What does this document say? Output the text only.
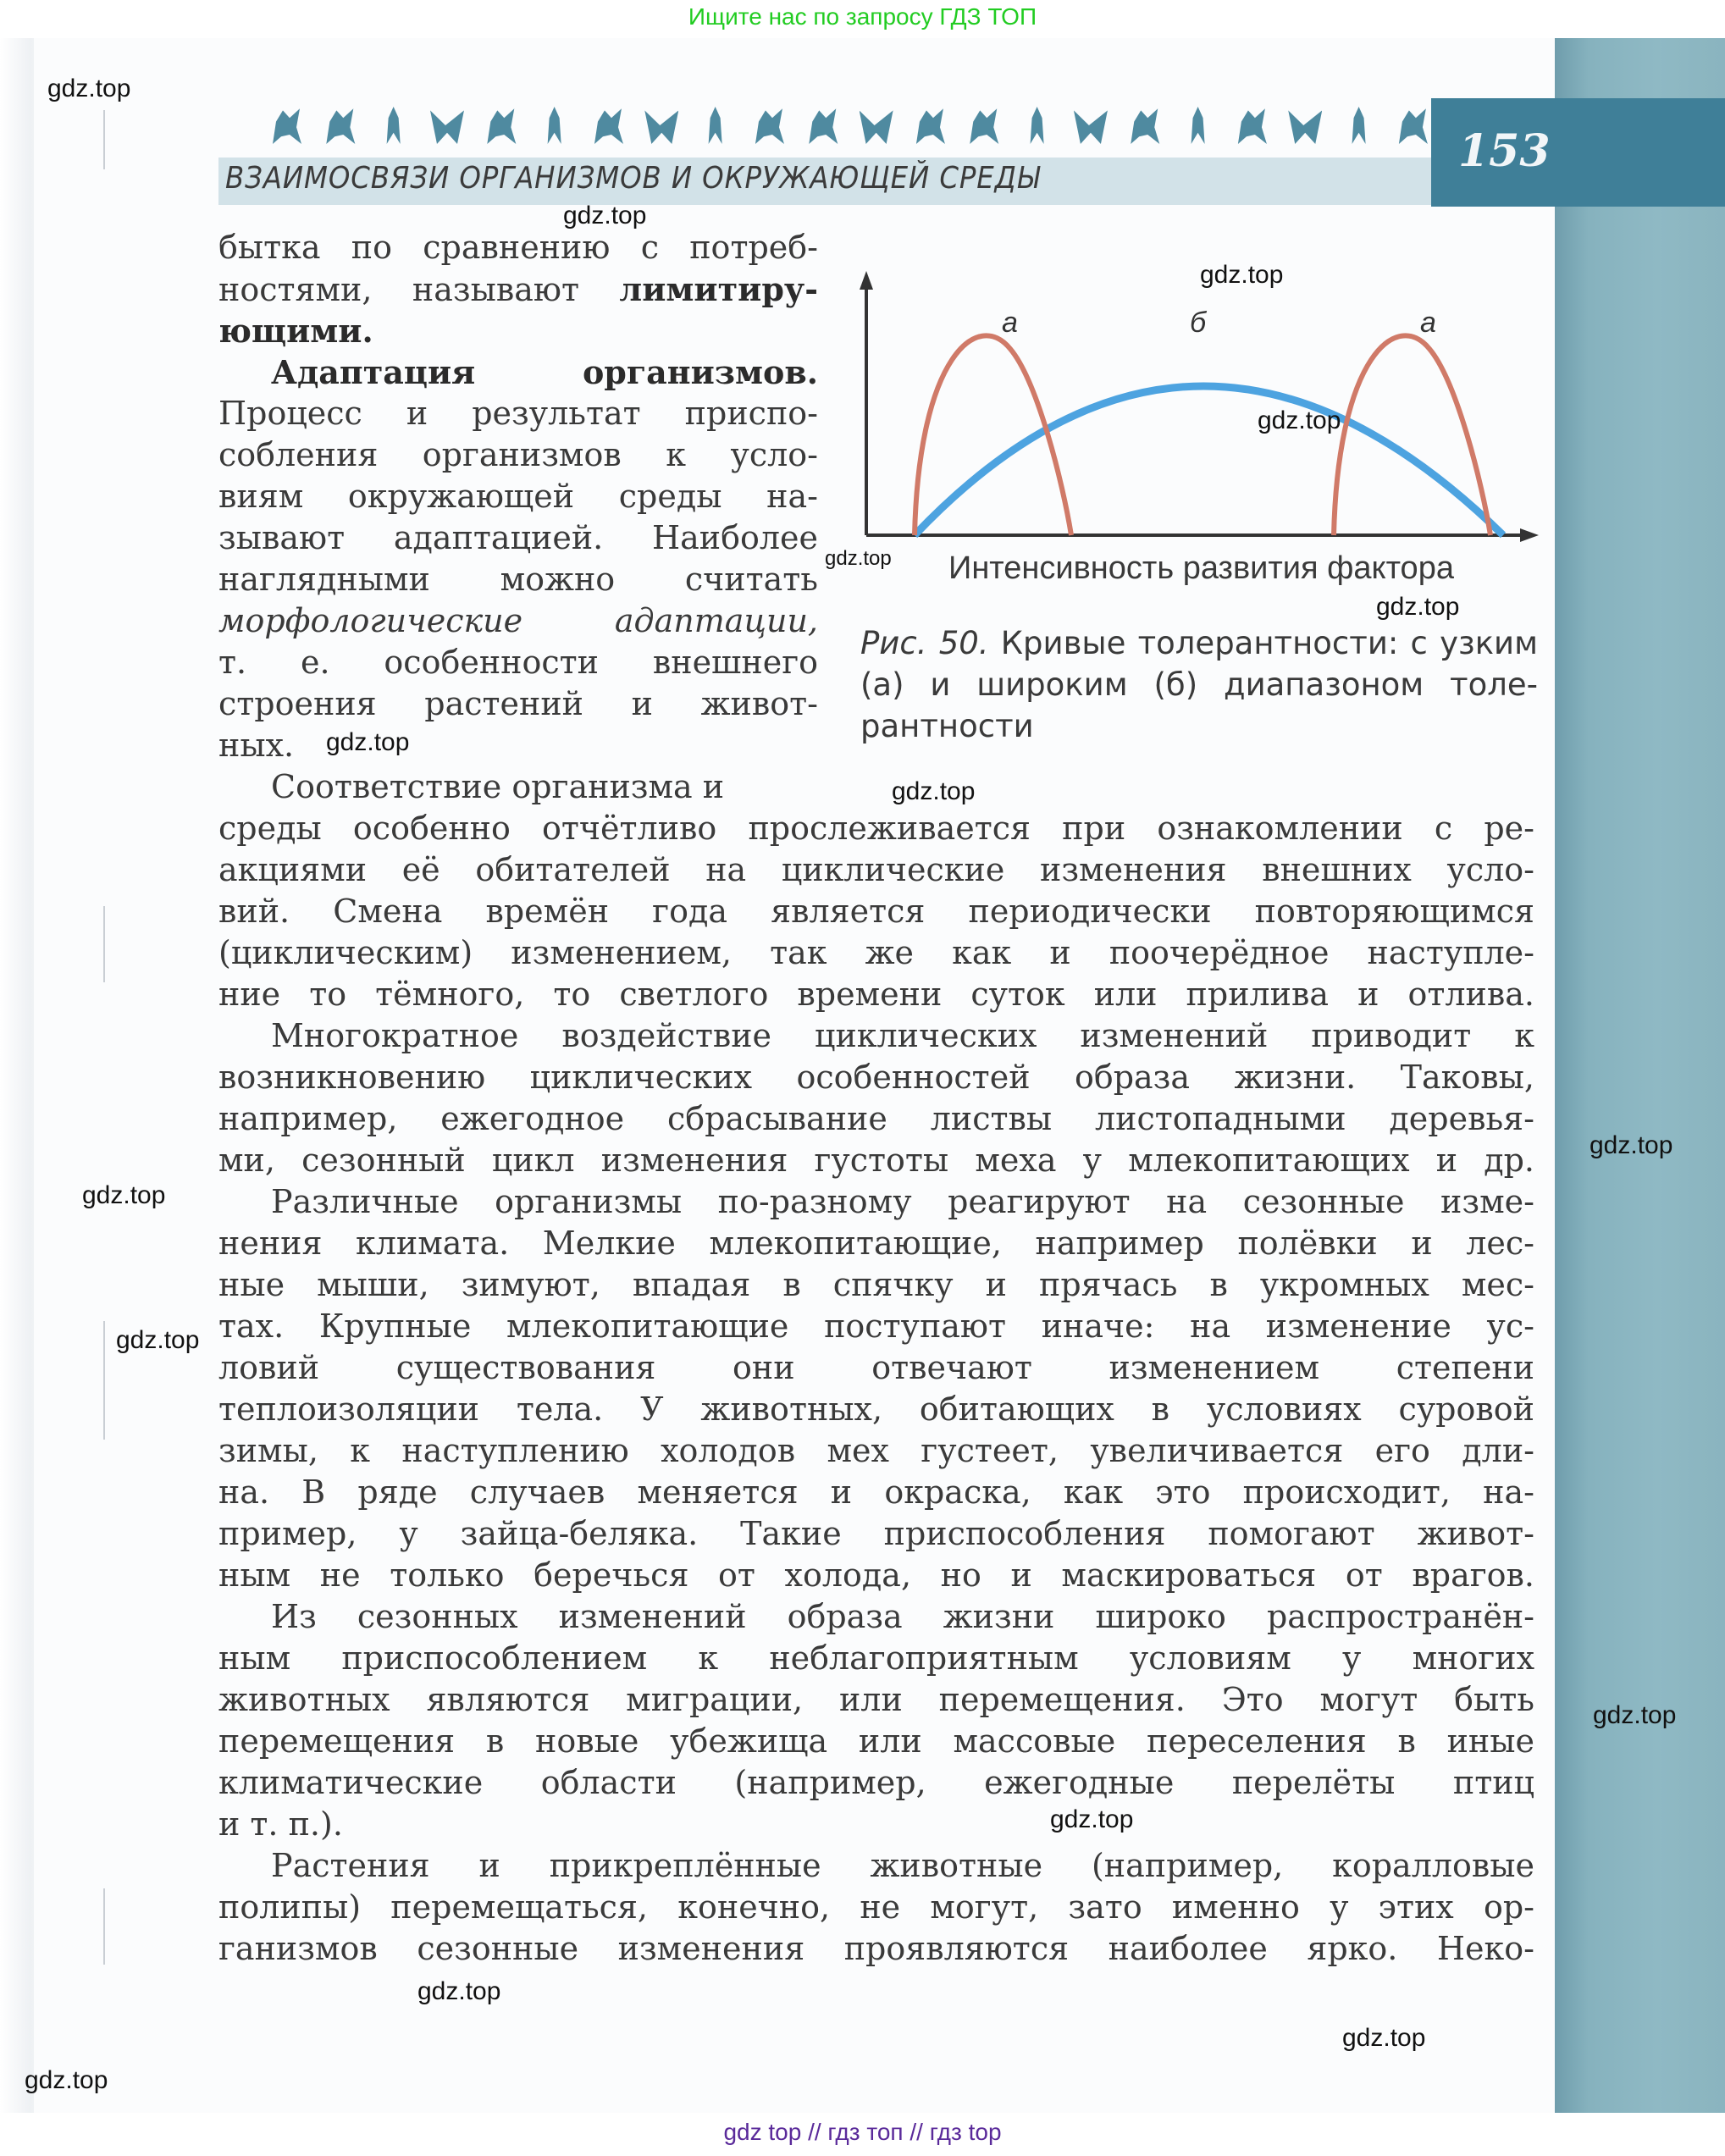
Ищите нас по запросу ГДЗ ТОП
ВЗАИМОСВЯЗИ ОРГАНИЗМОВ И ОКРУЖАЮЩЕЙ СРЕДЫ
153
бытка по сравнению с потреб-
ностями, называют лимитиру-
ющими.
Адаптация	организмов.
Процесс и результат приспо-
собления организмов к усло-
виям окружающей среды на-
зывают адаптацией. Наиболее
наглядными можно считать
морфологические адаптации,
т. е. особенности внешнего
строения растений и живот-
ных.
а	б	а
Интенсивность развития фактора
Рис. 50. Кривые толерантности: с узким
(а) и широким (б) диапазоном толе-
рантности
Соответствие организма и
среды особенно отчётливо прослеживается при ознакомлении с ре-
акциями её обитателей на циклические изменения внешних усло-
вий. Смена времён года является периодически повторяющимся
(циклическим) изменением, так же как и поочерёдное наступле-
ние то тёмного, то светлого времени суток или прилива и отлива.
Многократное воздействие циклических изменений приводит к
возникновению циклических особенностей образа жизни. Таковы,
например, ежегодное сбрасывание листвы листопадными деревья-
ми, сезонный цикл изменения густоты меха у млекопитающих и др.
Различные организмы по-разному реагируют на сезонные изме-
нения климата. Мелкие млекопитающие, например полёвки и лес-
ные мыши, зимуют, впадая в спячку и прячась в укромных мес-
тах. Крупные млекопитающие поступают иначе: на изменение ус-
ловий существования они отвечают изменением степени
теплоизоляции тела. У животных, обитающих в условиях суровой
зимы, к наступлению холодов мех густеет, увеличивается его дли-
на. В ряде случаев меняется и окраска, как это происходит, на-
пример, у зайца-беляка. Такие приспособления помогают живот-
ным не только беречься от холода, но и маскироваться от врагов.
Из сезонных изменений образа жизни широко распространён-
ным приспособлением к неблагоприятным условиям у многих
животных являются миграции, или перемещения. Это могут быть
перемещения в новые убежища или массовые переселения в иные
климатические области (например, ежегодные перелёты птиц
и т. п.).
Растения и прикреплённые животные (например, коралловые
полипы) перемещаться, конечно, не могут, зато именно у этих ор-
ганизмов сезонные изменения проявляются наиболее ярко. Неко-
gdz.top
gdz.top
gdz.top
gdz.top
gdz.top
gdz.top
gdz.top
gdz.top
gdz.top
gdz.top
gdz.top
gdz.top
gdz.top
gdz.top
gdz.top
gdz.top
gdz top // гдз топ // гдз top
